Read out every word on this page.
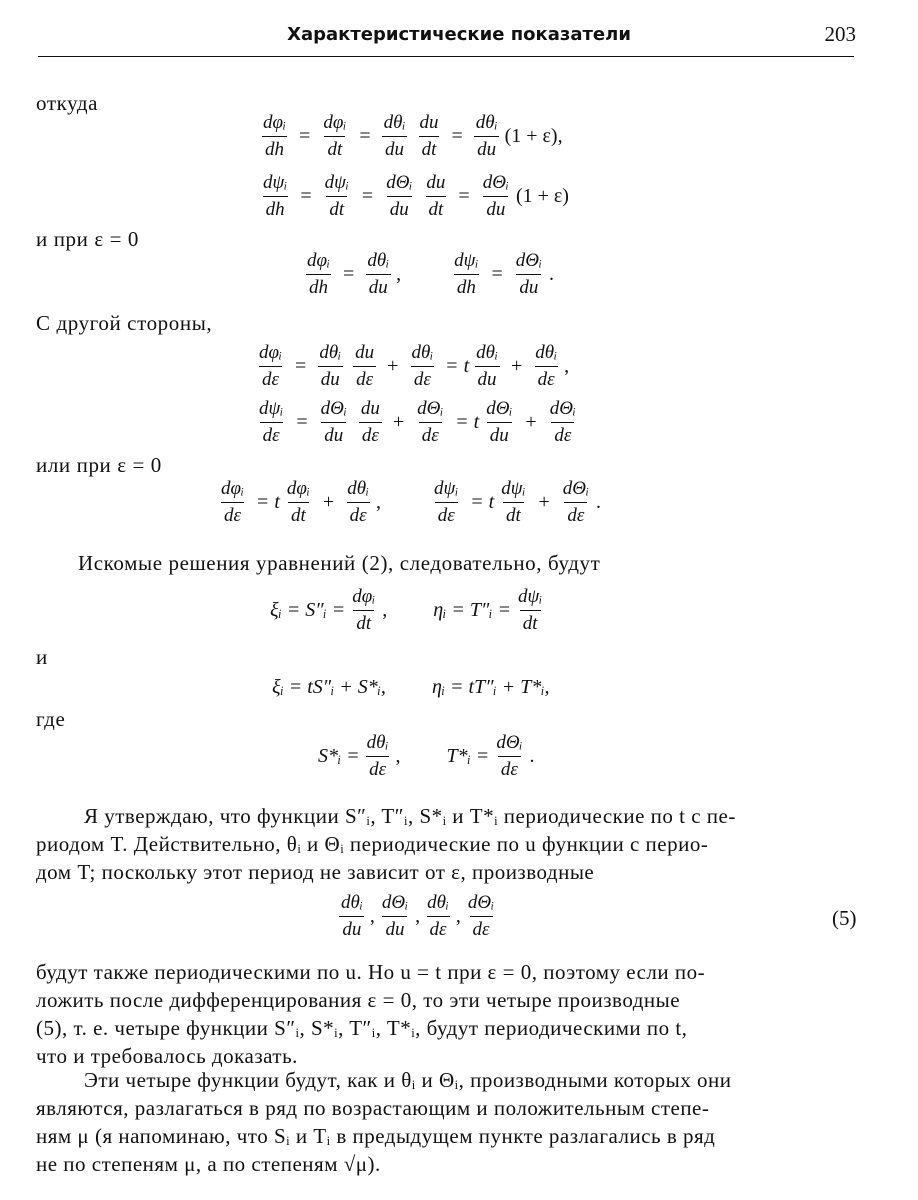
Характеристические показатели	203
откуда
$\frac{\text{dφᵢ}}{dh} = \frac{\text{dφᵢ}}{dt} = \frac{\text{dθᵢ}}{du} \frac{du}{dt} = \frac{\text{dθᵢ}}{du} (1 + \varepsilon)$,
$\frac{\text{dψᵢ}}{dh} = \frac{\text{dψᵢ}}{dt} = \frac{\text{dΘᵢ}}{du} \frac{du}{dt} = \frac{\text{dΘᵢ}}{du} (1 + \varepsilon)$
и при ε = 0
$\frac{\text{dφᵢ}}{dh} = \frac{\text{dθᵢ}}{du}$ ,	$\frac{\text{dψᵢ}}{dh} = \frac{\text{dΘᵢ}}{du}$ .
С другой стороны,
$\frac{\text{dφᵢ}}{d\varepsilon} = \frac{\text{dθᵢ}}{du} \frac{du}{d\varepsilon} + \frac{\text{dθᵢ}}{d\varepsilon} = t \frac{\text{dθᵢ}}{du} + \frac{\text{dθᵢ}}{d\varepsilon}$ ,
$\frac{\text{dψᵢ}}{d\varepsilon} = \frac{\text{dΘᵢ}}{du} \frac{du}{d\varepsilon} + \frac{\text{dΘᵢ}}{d\varepsilon} = t \frac{\text{dΘᵢ}}{du} + \frac{\text{dΘᵢ}}{d\varepsilon}$
или при ε = 0
$\frac{\text{dφᵢ}}{d\varepsilon} = t \frac{\text{dφᵢ}}{dt} + \frac{\text{dθᵢ}}{d\varepsilon}$ ,	$\frac{\text{dψᵢ}}{d\varepsilon} = t \frac{\text{dψᵢ}}{dt} + \frac{\text{dΘᵢ}}{d\varepsilon}$ .
Искомые решения уравнений (2), следовательно, будут
ξᵢ = S″ᵢ = $\frac{\text{dφᵢ}}{dt}$ , ηᵢ = T″ᵢ = $\frac{\text{dψᵢ}}{dt}$
и
ξᵢ = tS″ᵢ + S*ᵢ, ηᵢ = tT″ᵢ + T*ᵢ,
где
S*ᵢ = $\frac{\text{dθᵢ}}{d\varepsilon}$ , T*ᵢ = $\frac{\text{dΘᵢ}}{d\varepsilon}$ .
Я утверждаю, что функции S″ᵢ, T″ᵢ, S*ᵢ и T*ᵢ периодические по t с пе-
риодом T. Действительно, θᵢ и Θᵢ периодические по u функции с перио-
дом T; поскольку этот период не зависит от ε, производные
$\frac{\text{dθᵢ}}{du}$ , $\frac{\text{dΘᵢ}}{du}$ , $\frac{\text{dθᵢ}}{d\varepsilon}$ , $\frac{\text{dΘᵢ}}{d\varepsilon}$	(5)
будут также периодическими по u. Но u = t при ε = 0, поэтому если по-
ложить после дифференцирования ε = 0, то эти четыре производные
(5), т. е. четыре функции S″ᵢ, S*ᵢ, T″ᵢ, T*ᵢ, будут периодическими по t,
что и требовалось доказать.
Эти четыре функции будут, как и θᵢ и Θᵢ, производными которых они
являются, разлагаться в ряд по возрастающим и положительным степе-
ням μ (я напоминаю, что Sᵢ и Tᵢ в предыдущем пункте разлагались в ряд
не по степеням μ, а по степеням √μ).
